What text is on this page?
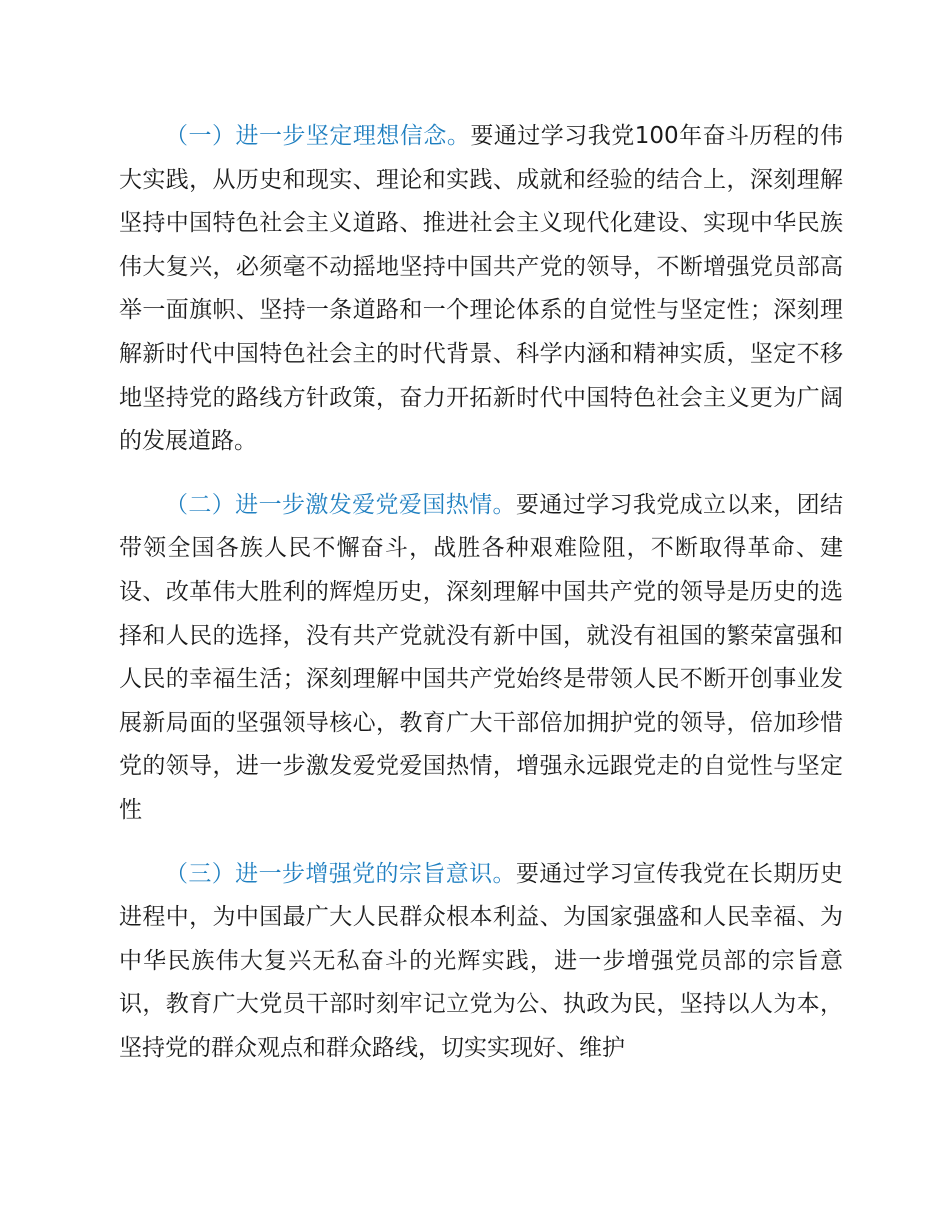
（一）进一步坚定理想信念。要通过学习我党100年奋斗历程的伟大实践，从历史和现实、理论和实践、成就和经验的结合上，深刻理解坚持中国特色社会主义道路、推进社会主义现代化建设、实现中华民族伟大复兴，必须毫不动摇地坚持中国共产党的领导，不断增强党员部高举一面旗帜、坚持一条道路和一个理论体系的自觉性与坚定性；深刻理解新时代中国特色社会主的时代背景、科学内涵和精神实质，坚定不移地坚持党的路线方针政策，奋力开拓新时代中国特色社会主义更为广阔的发展道路。

（二）进一步激发爱党爱国热情。要通过学习我党成立以来，团结带领全国各族人民不懈奋斗，战胜各种艰难险阻，不断取得革命、建设、改革伟大胜利的辉煌历史，深刻理解中国共产党的领导是历史的选择和人民的选择，没有共产党就没有新中国，就没有祖国的繁荣富强和人民的幸福生活；深刻理解中国共产党始终是带领人民不断开创事业发展新局面的坚强领导核心，教育广大干部倍加拥护党的领导，倍加珍惜党的领导，进一步激发爱党爱国热情，增强永远跟党走的自觉性与坚定性

（三）进一步增强党的宗旨意识。要通过学习宣传我党在长期历史进程中，为中国最广大人民群众根本利益、为国家强盛和人民幸福、为中华民族伟大复兴无私奋斗的光辉实践，进一步增强党员部的宗旨意识，教育广大党员干部时刻牢记立党为公、执政为民，坚持以人为本，坚持党的群众观点和群众路线，切实实现好、维护
